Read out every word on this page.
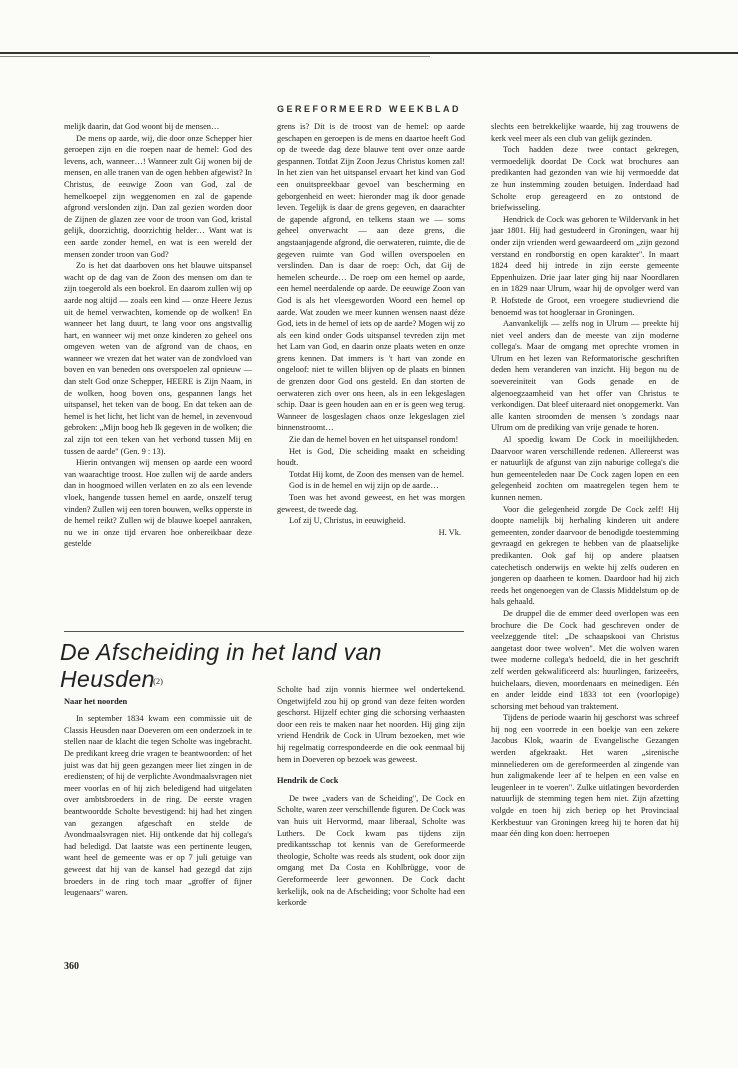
GEREFORMEERD WEEKBLAD

melijk daarin, dat God woont bij de mensen…

De mens op aarde, wij, die door onze Schepper hier geroepen zijn en die roepen naar de hemel: God des levens, ach, wanneer…! Wanneer zult Gij wonen bij de mensen, en alle tranen van de ogen hebben afgewist? In Christus, de eeuwige Zoon van God, zal de hemelkoepel zijn weggenomen en zal de gapende afgrond verslonden zijn. Dan zal gezien worden door de Zijnen de glazen zee voor de troon van God, kristal gelijk, doorzichtig, doorzichtig helder… Want wat is een aarde zonder hemel, en wat is een wereld der mensen zonder troon van God?

Zo is het dat daarboven ons het blauwe uitspansel wacht op de dag van de Zoon des mensen om dan te zijn toegerold als een boekrol. En daarom zullen wij op aarde nog altijd — zoals een kind — onze Heere Jezus uit de hemel verwachten, komende op de wolken! En wanneer het lang duurt, te lang voor ons angstvallig hart, en wanneer wij met onze kinderen zo geheel ons omgeven weten van de afgrond van de chaos, en wanneer we vrezen dat het water van de zondvloed van boven en van beneden ons overspoelen zal opnieuw — dan stelt God onze Schepper, HEERE is Zijn Naam, in de wolken, hoog boven ons, gespannen langs het uitspansel, het teken van de boog. En dat teken aan de hemel is het licht, het licht van de hemel, in zevenvoud gebroken: „Mijn boog heb Ik gegeven in de wolken; die zal zijn tot een teken van het verbond tussen Mij en tussen de aarde" (Gen. 9 : 13).

Hierin ontvangen wij mensen op aarde een woord van waarachtige troost. Hoe zullen wij de aarde anders dan in hoogmoed willen verlaten en zo als een levende vloek, hangende tussen hemel en aarde, onszelf terug vinden? Zullen wij een toren bouwen, welks opperste in de hemel reikt? Zullen wij de blauwe koepel aanraken, nu we in onze tijd ervaren hoe onbereikbaar deze gestelde

grens is? Dit is de troost van de hemel: op aarde geschapen en geroepen is de mens en daartoe heeft God op de tweede dag deze blauwe tent over onze aarde gespannen. Totdat Zijn Zoon Jezus Christus komen zal! In het zien van het uitspansel ervaart het kind van God een onuitspreekbaar gevoel van bescherming en geborgenheid en weet: hieronder mag ik door genade leven. Tegelijk is daar de grens gegeven, en daarachter de gapende afgrond, en telkens staan we — soms geheel onverwacht — aan deze grens, die angstaanjagende afgrond, die oerwateren, ruimte, die de gegeven ruimte van God willen overspoelen en verslinden. Dan is daar de roep: Och, dat Gij de hemelen scheurde… De roep om een hemel op aarde, een hemel neerdalende op aarde. De eeuwige Zoon van God is als het vleesgeworden Woord een hemel op aarde. Wat zouden we meer kunnen wensen naast déze God, iets in de hemel of iets op de aarde? Mogen wij zo als een kind onder Gods uitspansel tevreden zijn met het Lam van God, en daarin onze plaats weten en onze grens kennen. Dat immers is 't hart van zonde en ongeloof: niet te willen blijven op de plaats en binnen de grenzen door God ons gesteld. En dan storten de oerwateren zich over ons heen, als in een lekgeslagen schip. Daar is geen houden aan en er is geen weg terug. Wanneer de losgeslagen chaos onze lekgeslagen ziel binnenstroomt…

Zie dan de hemel boven en het uitspansel rondom!

Het is God, Die scheiding maakt en scheiding houdt.

Totdat Hij komt, de Zoon des mensen van de hemel.

God is in de hemel en wij zijn op de aarde…

Toen was het avond geweest, en het was morgen geweest, de tweede dag.

Lof zij U, Christus, in eeuwigheid.

H. Vk.

slechts een betrekkelijke waarde, hij zag trouwens de kerk veel meer als een club van gelijk gezinden.

Toch hadden deze twee contact gekregen, vermoedelijk doordat De Cock wat brochures aan predikanten had gezonden van wie hij vermoedde dat ze hun instemming zouden betuigen. Inderdaad had Scholte erop gereageerd en zo ontstond de briefwisseling.

Hendrick de Cock was geboren te Wildervank in het jaar 1801. Hij had gestudeerd in Groningen, waar hij onder zijn vrienden werd gewaardeerd om „zijn gezond verstand en rondborstig en open karakter". In maart 1824 deed hij intrede in zijn eerste gemeente Eppenhuizen. Drie jaar later ging hij naar Noordlaren en in 1829 naar Ulrum, waar hij de opvolger werd van P. Hofstede de Groot, een vroegere studievriend die benoemd was tot hoogleraar in Groningen.

Aanvankelijk — zelfs nog in Ulrum — preekte hij niet veel anders dan de meeste van zijn moderne collega's. Maar de omgang met oprechte vromen in Ulrum en het lezen van Reformatorische geschriften deden hem veranderen van inzicht. Hij begon nu de soevereiniteit van Gods genade en de algenoegzaamheid van het offer van Christus te verkondigen. Dat bleef uiteraard niet onopgemerkt. Van alle kanten stroomden de mensen 's zondags naar Ulrum om de prediking van vrije genade te horen.

Al spoedig kwam De Cock in moeilijkheden. Daarvoor waren verschillende redenen. Allereerst was er natuurlijk de afgunst van zijn naburige collega's die hun gemeenteleden naar De Cock zagen lopen en een gelegenheid zochten om maatregelen tegen hem te kunnen nemen.

Voor die gelegenheid zorgde De Cock zelf! Hij doopte namelijk bij herhaling kinderen uit andere gemeenten, zonder daarvoor de benodigde toestemming gevraagd en gekregen te hebben van de plaatselijke predikanten. Ook gaf hij op andere plaatsen catechetisch onderwijs en wekte hij zelfs ouderen en jongeren op daarheen te komen. Daardoor had hij zich reeds het ongenoegen van de Classis Middelstum op de hals gehaald.

De druppel die de emmer deed overlopen was een brochure die De Cock had geschreven onder de veelzeggende titel: „De schaapskooi van Christus aangetast door twee wolven". Met die wolven waren twee moderne collega's bedoeld, die in het geschrift zelf werden gekwalificeerd als: huurlingen, farizeeërs, huichelaars, dieven, moordenaars en meinedigen. Eén en ander leidde eind 1833 tot een (voorlopige) schorsing met behoud van traktement.

Tijdens de periode waarin hij geschorst was schreef hij nog een voorrede in een boekje van een zekere Jacobus Klok, waarin de Evangelische Gezangen werden afgekraakt. Het waren „sirenische minneliederen om de gereformeerden al zingende van hun zaligmakende leer af te helpen en een valse en leugenleer in te voeren". Zulke uitlatingen bevorderden natuurlijk de stemming tegen hem niet. Zijn afzetting volgde en toen hij zich beriep op het Provinciaal Kerkbestuur van Groningen kreeg hij te horen dat hij maar één ding kon doen: herroepen

De Afscheiding in het land van Heusden

(2)

Naar het noorden

In september 1834 kwam een commissie uit de Classis Heusden naar Doeveren om een onderzoek in te stellen naar de klacht die tegen Scholte was ingebracht. De predikant kreeg drie vragen te beantwoorden: of het juist was dat hij geen gezangen meer liet zingen in de erediensten; of hij de verplichte Avondmaalsvragen niet meer voorlas en of hij zich beledigend had uitgelaten over ambtsbroeders in de ring. De eerste vragen beantwoordde Scholte bevestigend: hij had het zingen van gezangen afgeschaft en stelde de Avondmaalsvragen niet. Hij ontkende dat hij collega's had beledigd. Dat laatste was een pertinente leugen, want heel de gemeente was er op 7 juli getuige van geweest dat hij van de kansel had gezegd dat zijn broeders in de ring toch maar „groffer of fijner leugenaars" waren.

Scholte had zijn vonnis hiermee wel ondertekend. Ongetwijfeld zou hij op grond van deze feiten worden geschorst. Hijzelf echter ging die schorsing verhaasten door een reis te maken naar het noorden. Hij ging zijn vriend Hendrik de Cock in Ulrum bezoeken, met wie hij regelmatig correspondeerde en die ook eenmaal bij hem in Doeveren op bezoek was geweest.

Hendrik de Cock

De twee „vaders van de Scheiding", De Cock en Scholte, waren zeer verschillende figuren. De Cock was van huis uit Hervormd, maar liberaal, Scholte was Luthers. De Cock kwam pas tijdens zijn predikantsschap tot kennis van de Gereformeerde theologie, Scholte was reeds als student, ook door zijn omgang met Da Costa en Kohlbrügge, voor de Gereformeerde leer gewonnen. De Cock dacht kerkelijk, ook na de Afscheiding; voor Scholte had een kerkorde

360
